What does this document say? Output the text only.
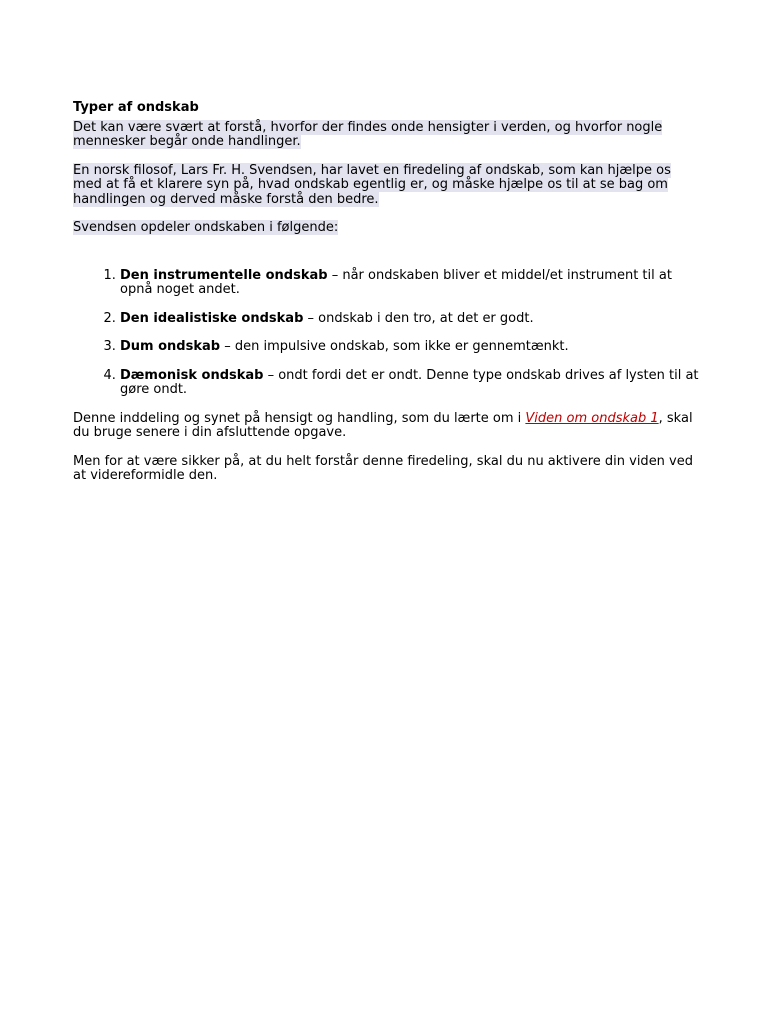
Typer af ondskab
Det kan være svært at forstå, hvorfor der findes onde hensigter i verden, og hvorfor nogle mennesker begår onde handlinger.
En norsk filosof, Lars Fr. H. Svendsen, har lavet en firedeling af ondskab, som kan hjælpe os med at få et klarere syn på, hvad ondskab egentlig er, og måske hjælpe os til at se bag om handlingen og derved måske forstå den bedre.
Svendsen opdeler ondskaben i følgende:
1. Den instrumentelle ondskab – når ondskaben bliver et middel/et instrument til at opnå noget andet.
2. Den idealistiske ondskab – ondskab i den tro, at det er godt.
3. Dum ondskab – den impulsive ondskab, som ikke er gennemtænkt.
4. Dæmonisk ondskab – ondt fordi det er ondt. Denne type ondskab drives af lysten til at gøre ondt.
Denne inddeling og synet på hensigt og handling, som du lærte om i Viden om ondskab 1, skal du bruge senere i din afsluttende opgave.
Men for at være sikker på, at du helt forstår denne firedeling, skal du nu aktivere din viden ved at videreformidle den.
